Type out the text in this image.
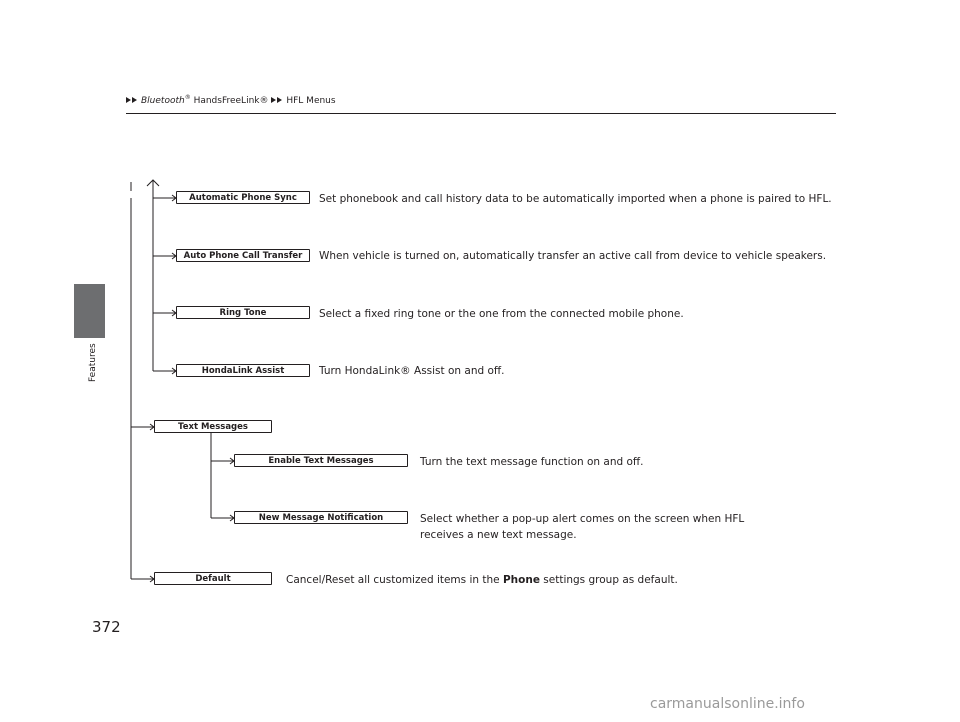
Bluetooth® HandsFreeLink® HFL Menus
Features
Automatic Phone Sync	Set phonebook and call history data to be automatically imported when a phone is paired to HFL.
Auto Phone Call Transfer	When vehicle is turned on, automatically transfer an active call from device to vehicle speakers.
Ring Tone	Select a fixed ring tone or the one from the connected mobile phone.
HondaLink Assist	Turn HondaLink® Assist on and off.
Text Messages
Enable Text Messages	Turn the text message function on and off.
New Message Notification	Select whether a pop-up alert comes on the screen when HFL
receives a new text message.
Default	Cancel/Reset all customized items in the Phone settings group as default.
372
carmanualsonline.info
